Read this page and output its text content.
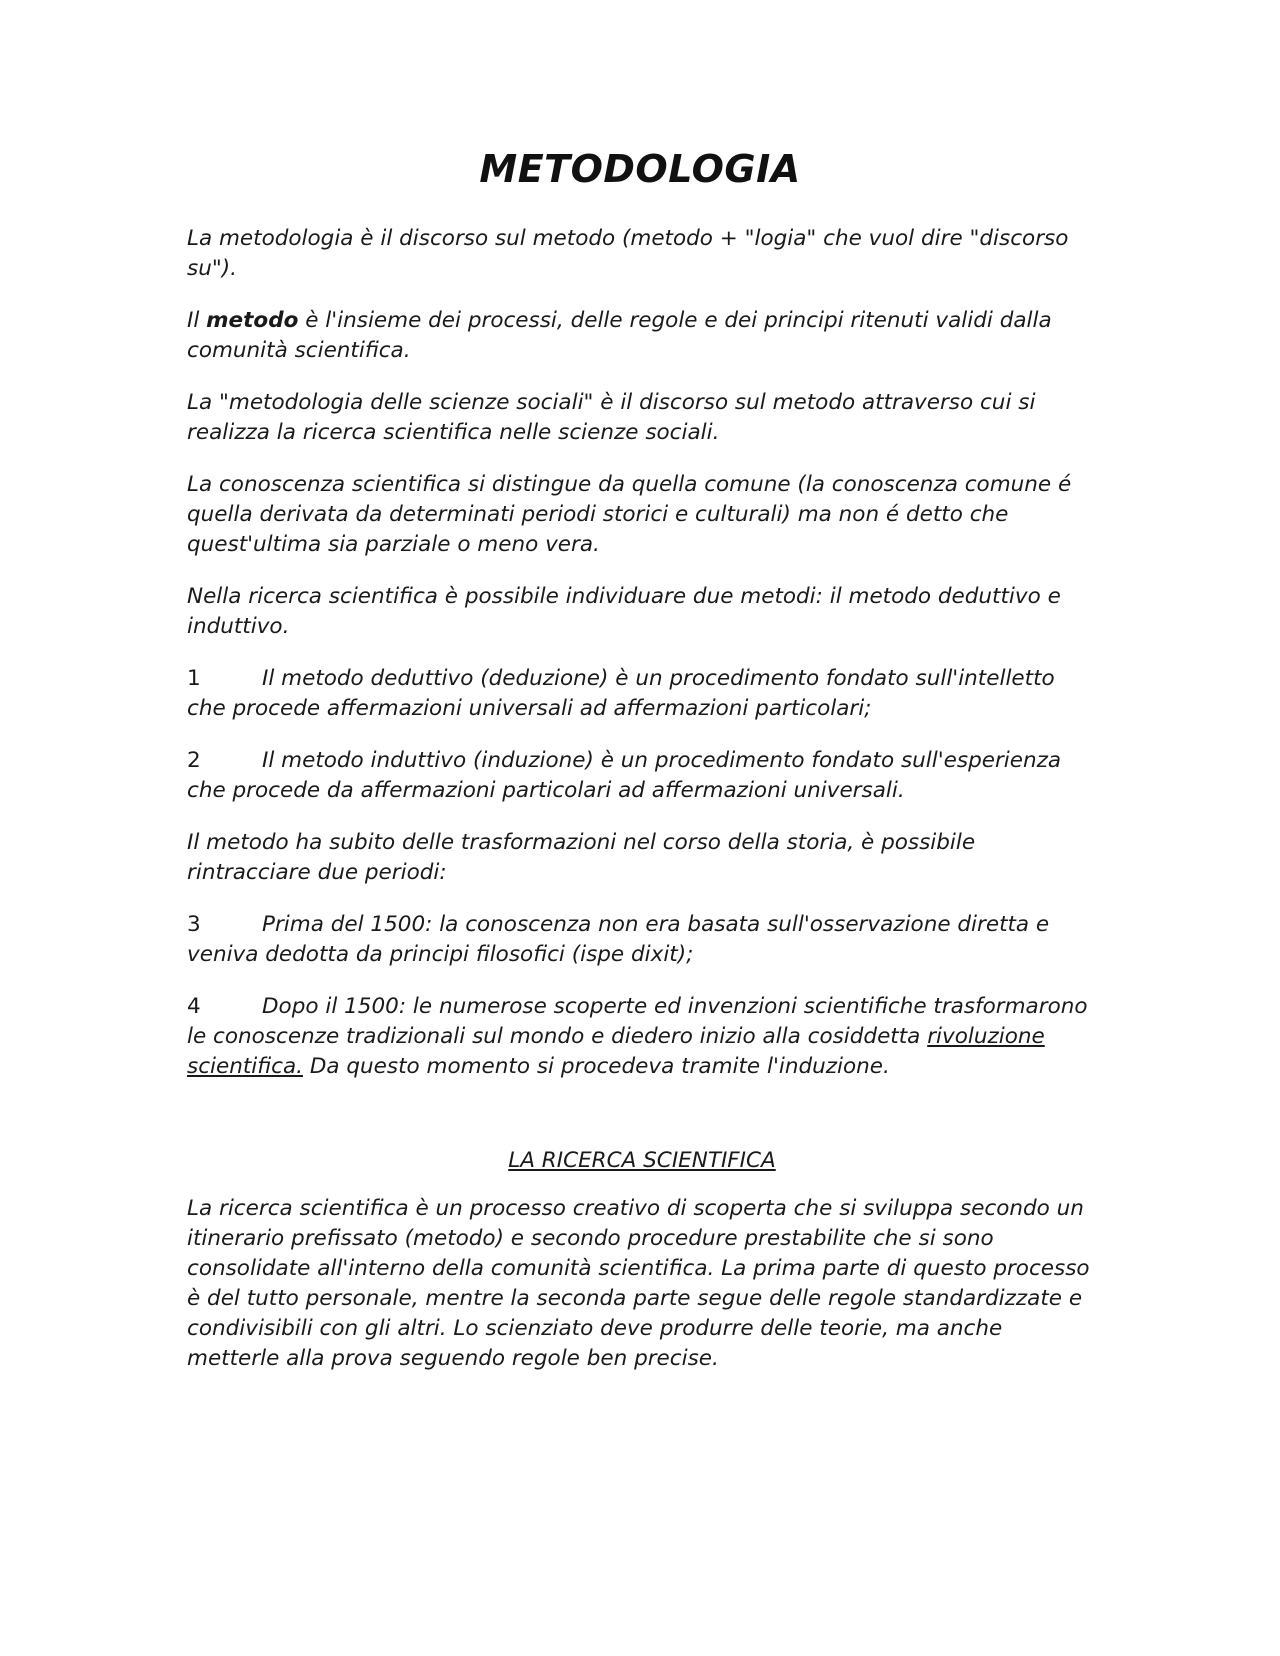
METODOLOGIA

La metodologia è il discorso sul metodo (metodo + "logia" che vuol dire "discorso su").

Il metodo è l'insieme dei processi, delle regole e dei principi ritenuti validi dalla comunità scientifica.

La "metodologia delle scienze sociali" è il discorso sul metodo attraverso cui si realizza la ricerca scientifica nelle scienze sociali.

La conoscenza scientifica si distingue da quella comune (la conoscenza comune é quella derivata da determinati periodi storici e culturali) ma non é detto che quest'ultima sia parziale o meno vera.

Nella ricerca scientifica è possibile individuare due metodi: il metodo deduttivo e induttivo.

1	Il metodo deduttivo (deduzione) è un procedimento fondato sull'intelletto che procede affermazioni universali ad affermazioni particolari;

2	Il metodo induttivo (induzione) è un procedimento fondato sull'esperienza che procede da affermazioni particolari ad affermazioni universali.

Il metodo ha subito delle trasformazioni nel corso della storia, è possibile rintracciare due periodi:

3	Prima del 1500: la conoscenza non era basata sull'osservazione diretta e veniva dedotta da principi filosofici (ispe dixit);

4	Dopo il 1500: le numerose scoperte ed invenzioni scientifiche trasformarono le conoscenze tradizionali sul mondo e diedero inizio alla cosiddetta rivoluzione scientifica. Da questo momento si procedeva tramite l'induzione.

LA RICERCA SCIENTIFICA

La ricerca scientifica è un processo creativo di scoperta che si sviluppa secondo un itinerario prefissato (metodo) e secondo procedure prestabilite che si sono consolidate all'interno della comunità scientifica. La prima parte di questo processo è del tutto personale, mentre la seconda parte segue delle regole standardizzate e condivisibili con gli altri. Lo scienziato deve produrre delle teorie, ma anche metterle alla prova seguendo regole ben precise.
